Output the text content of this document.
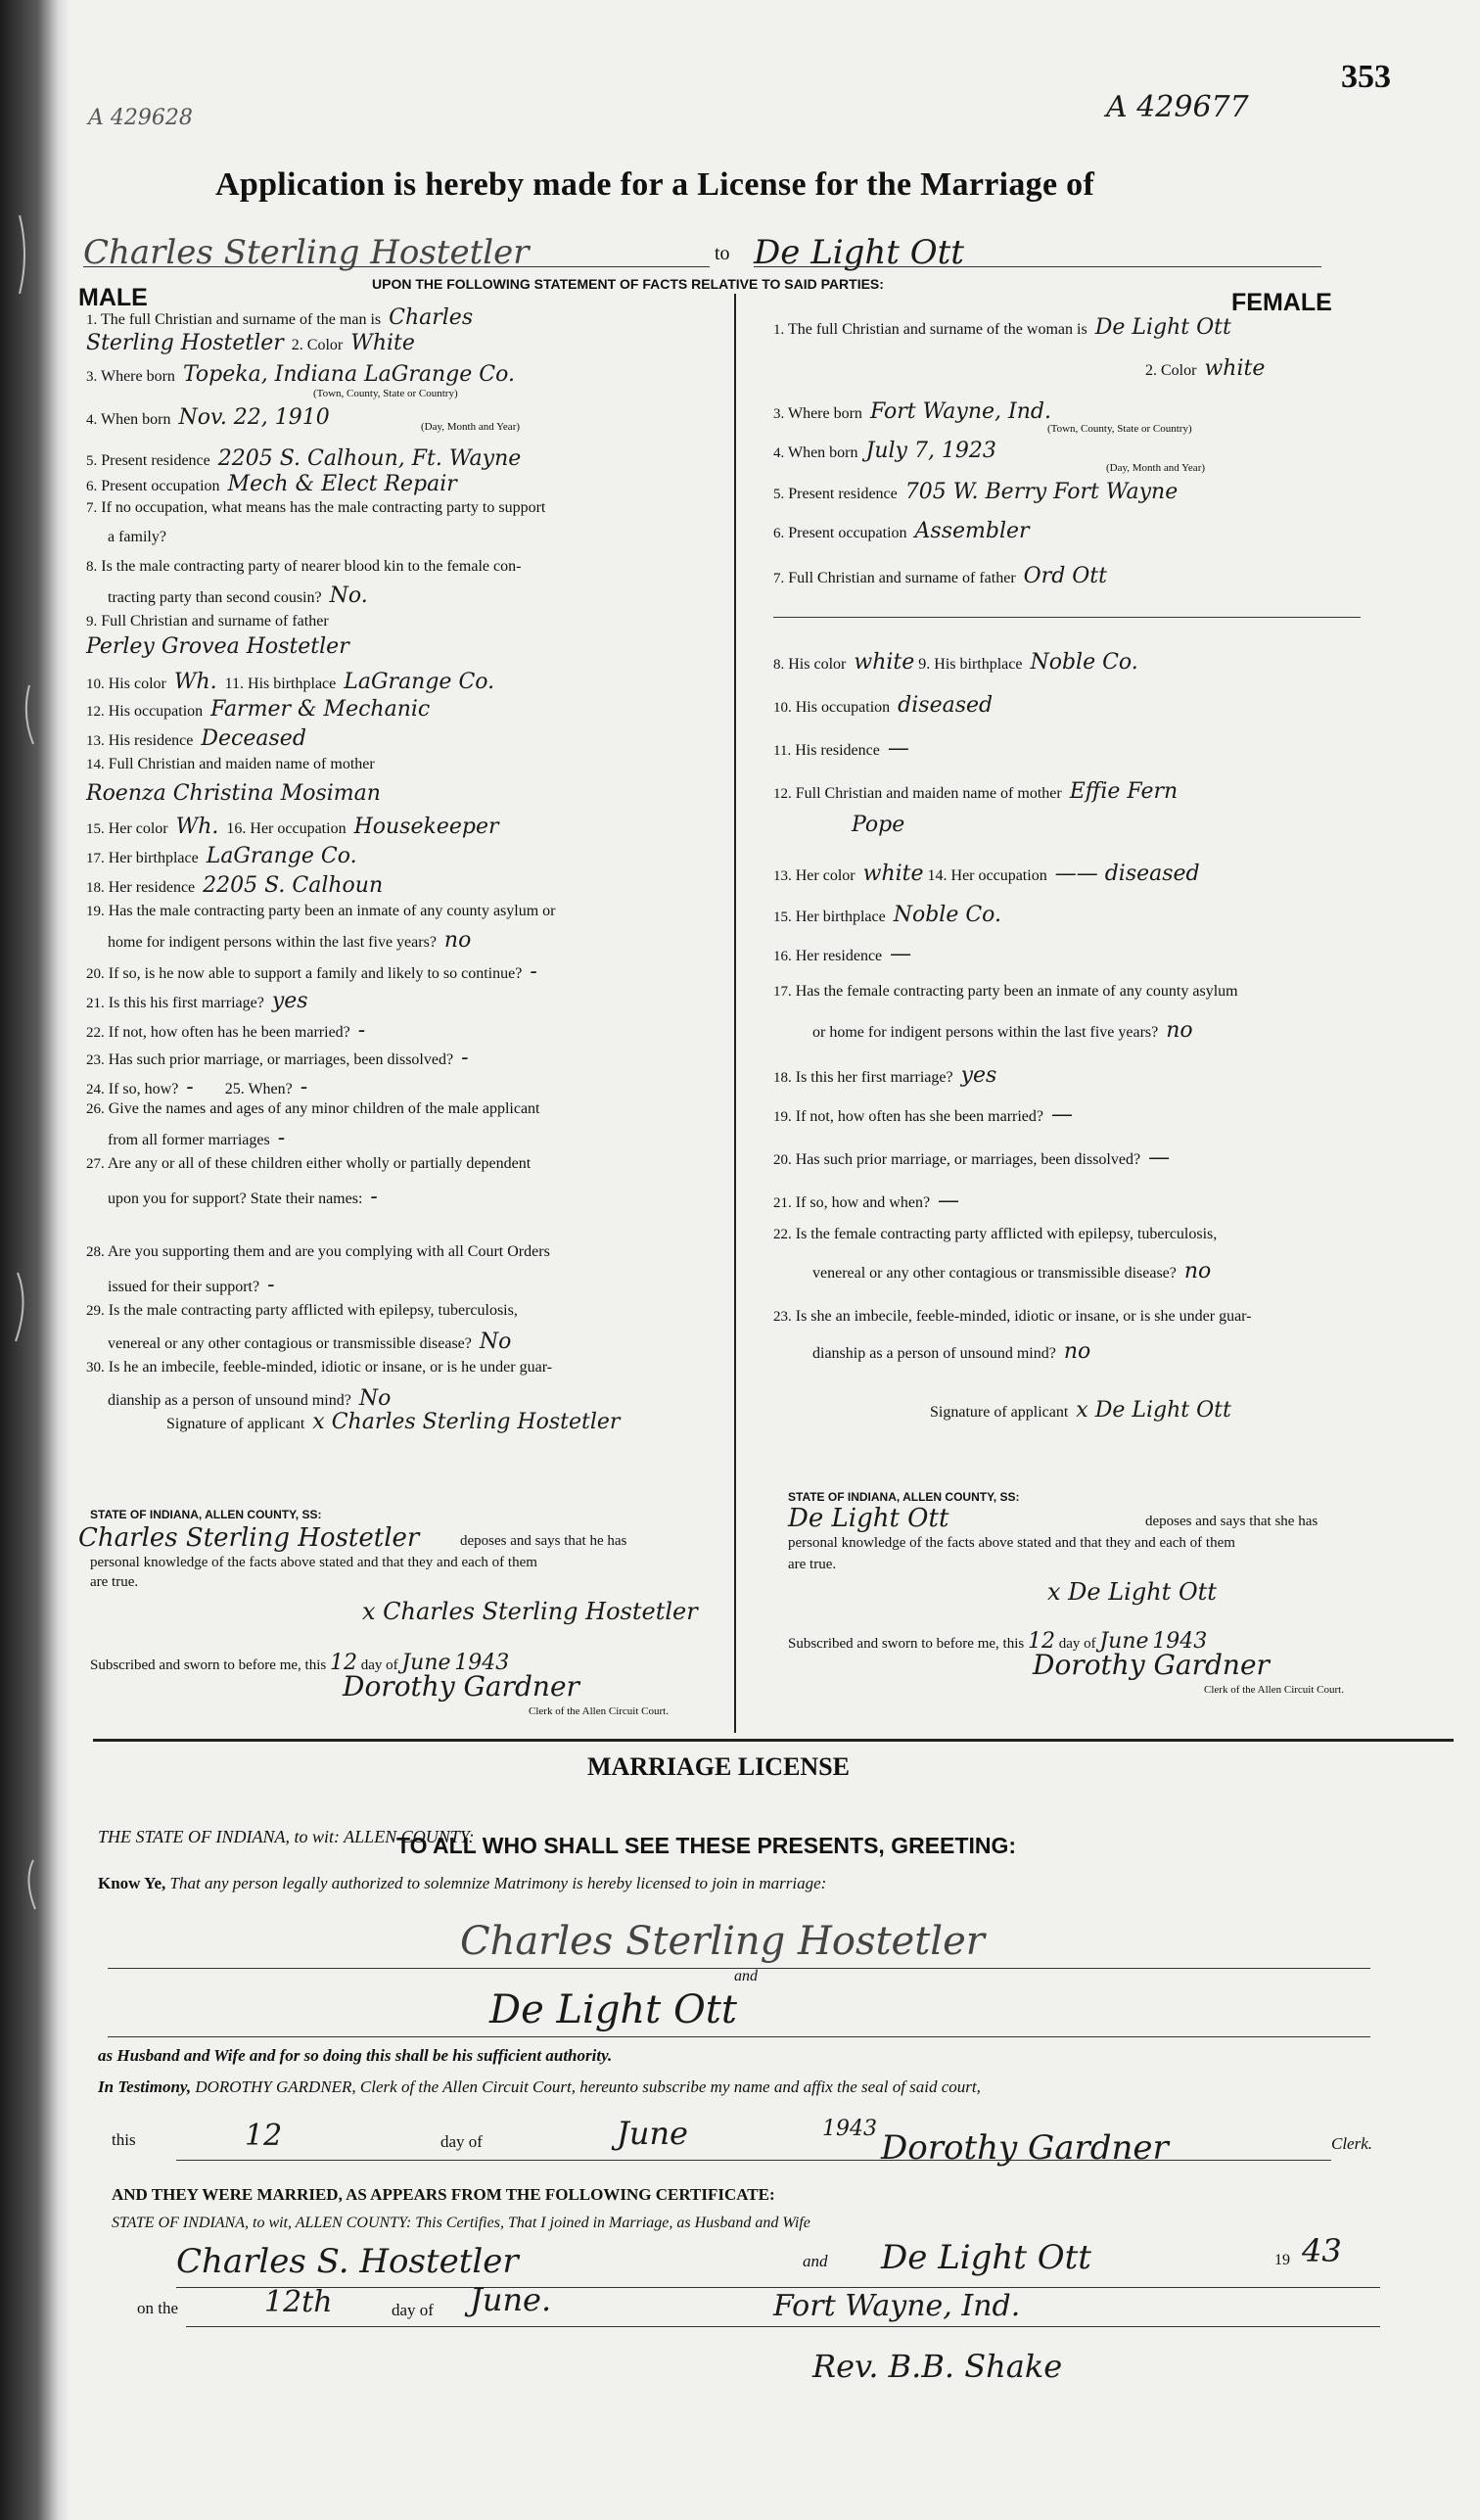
A 429628	A 429677
353
Application is hereby made for a License for the Marriage of
Charles Sterling Hostetler	to De Light Ott
UPON THE FOLLOWING STATEMENT OF FACTS RELATIVE TO SAID PARTIES:
MALE	FEMALE
1. The full Christian and surname of the man is Charles
Sterling Hostetler 2. Color White
3. Where born Topeka, Indiana LaGrange Co.
(Town, County, State or Country)
4. When born Nov. 22, 1910	(Day, Month and Year)
5. Present residence 2205 S. Calhoun, Ft. Wayne
6. Present occupation Mech & Elect Repair
7. If no occupation, what means has the male contracting party to support
a family?
8. Is the male contracting party of nearer blood kin to the female con-
tracting party than second cousin? No.
9. Full Christian and surname of father
Perley Grovea Hostetler
10. His color Wh. 11. His birthplace LaGrange Co.
12. His occupation Farmer & Mechanic
13. His residence Deceased
14. Full Christian and maiden name of mother
Roenza Christina Mosiman
15. Her color Wh. 16. Her occupation Housekeeper
17. Her birthplace LaGrange Co.
18. Her residence 2205 S. Calhoun
19. Has the male contracting party been an inmate of any county asylum or
home for indigent persons within the last five years? no
20. If so, is he now able to support a family and likely to so continue? -
21. Is this his first marriage? yes
22. If not, how often has he been married? -
23. Has such prior marriage, or marriages, been dissolved? -
24. If so, how? - 25. When? -
26. Give the names and ages of any minor children of the male applicant
from all former marriages -
27. Are any or all of these children either wholly or partially dependent
upon you for support? State their names: -
28. Are you supporting them and are you complying with all Court Orders
issued for their support? -
29. Is the male contracting party afflicted with epilepsy, tuberculosis,
venereal or any other contagious or transmissible disease? No
30. Is he an imbecile, feeble-minded, idiotic or insane, or is he under guar-
dianship as a person of unsound mind? No
Signature of applicant x Charles Sterling Hostetler
1. The full Christian and surname of the woman is De Light Ott
2. Color white
3. Where born Fort Wayne, Ind.
(Town, County, State or Country)
4. When born July 7, 1923
(Day, Month and Year)
5. Present residence 705 W. Berry Fort Wayne
6. Present occupation Assembler
7. Full Christian and surname of father Ord Ott
8. His color white 9. His birthplace Noble Co.
10. His occupation diseased
11. His residence —
12. Full Christian and maiden name of mother Effie Fern
Pope
13. Her color white 14. Her occupation —— diseased
15. Her birthplace Noble Co.
16. Her residence —
17. Has the female contracting party been an inmate of any county asylum
or home for indigent persons within the last five years? no
18. Is this her first marriage? yes
19. If not, how often has she been married? —
20. Has such prior marriage, or marriages, been dissolved? —
21. If so, how and when? —
22. Is the female contracting party afflicted with epilepsy, tuberculosis,
venereal or any other contagious or transmissible disease? no
23. Is she an imbecile, feeble-minded, idiotic or insane, or is she under guar-
dianship as a person of unsound mind? no
Signature of applicant x De Light Ott
STATE OF INDIANA, ALLEN COUNTY, SS:
Charles Sterling Hostetler	deposes and says that he has
personal knowledge of the facts above stated and that they and each of them
are true.
x Charles Sterling Hostetler
Subscribed and sworn to before me, this 12 day of June 1943
Dorothy Gardner
Clerk of the Allen Circuit Court.
STATE OF INDIANA, ALLEN COUNTY, SS:
De Light Ott	deposes and says that she has
personal knowledge of the facts above stated and that they and each of them
are true.
x De Light Ott
Subscribed and sworn to before me, this 12 day of June 1943
Dorothy Gardner
Clerk of the Allen Circuit Court.
MARRIAGE LICENSE
THE STATE OF INDIANA, to wit: ALLEN COUNTY:
TO ALL WHO SHALL SEE THESE PRESENTS, GREETING:
Know Ye, That any person legally authorized to solemnize Matrimony is hereby licensed to join in marriage:
Charles Sterling Hostetler
and
De Light Ott
as Husband and Wife and for so doing this shall be his sufficient authority.
In Testimony, DOROTHY GARDNER, Clerk of the Allen Circuit Court, hereunto subscribe my name and affix the seal of said court,
this	12	day of	June	1943 Dorothy Gardner	Clerk.
AND THEY WERE MARRIED, AS APPEARS FROM THE FOLLOWING CERTIFICATE:
STATE OF INDIANA, to wit, ALLEN COUNTY: This Certifies, That I joined in Marriage, as Husband and Wife
Charles S. Hostetler	and De Light Ott	19 43
on the	12th	day of June.	Fort Wayne, Ind.
Rev. B.B. Shake
